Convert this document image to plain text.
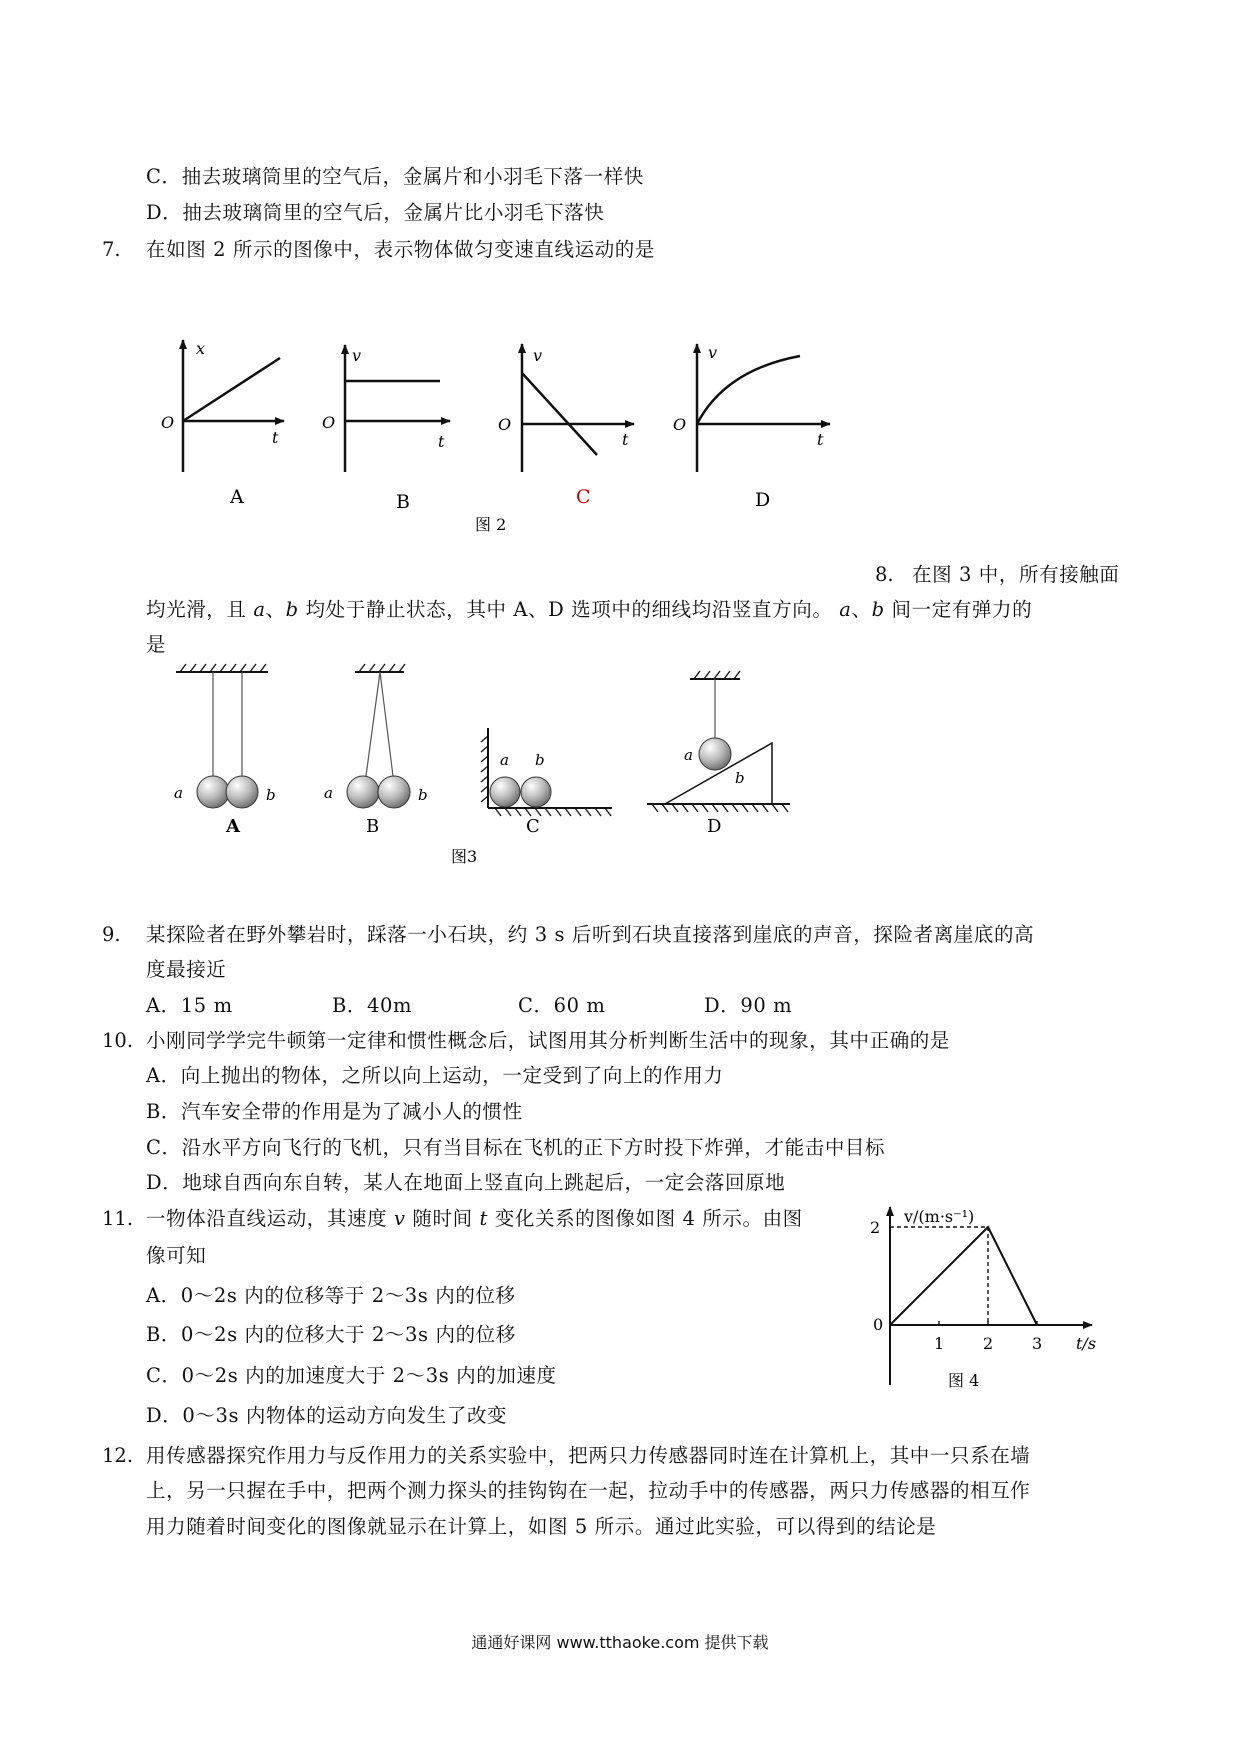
C．抽去玻璃筒里的空气后，金属片和小羽毛下落一样快
D．抽去玻璃筒里的空气后，金属片比小羽毛下落快
7. 在如图 2 所示的图像中，表示物体做匀变速直线运动的是
x
O
t
A
v
O
t
B
v
O
t
C
v
O
t
D
图 2
8. 在图 3 中，所有接触面
均光滑，且 a、b 均处于静止状态，其中 A、D 选项中的细线均沿竖直方向。 a、b 间一定有弹力的
是
a	b
A
a	b
B
a b
C
a
b
D
图3
9. 某探险者在野外攀岩时，踩落一小石块，约 3 s 后听到石块直接落到崖底的声音，探险者离崖底的高
度最接近
A．15 m	B．40m	C．60 m	D．90 m
10. 小刚同学学完牛顿第一定律和惯性概念后，试图用其分析判断生活中的现象，其中正确的是
A．向上抛出的物体，之所以向上运动，一定受到了向上的作用力
B．汽车安全带的作用是为了减小人的惯性
C．沿水平方向飞行的飞机，只有当目标在飞机的正下方时投下炸弹，才能击中目标
D．地球自西向东自转，某人在地面上竖直向上跳起后，一定会落回原地
11. 一物体沿直线运动，其速度 v 随时间 t 变化关系的图像如图 4 所示。由图
像可知
A．0～2s 内的位移等于 2～3s 内的位移
B．0～2s 内的位移大于 2～3s 内的位移
C．0～2s 内的加速度大于 2～3s 内的加速度
D．0～3s 内物体的运动方向发生了改变
1 2 3
2
v/(m·s⁻¹)
t/s
0
图 4
12. 用传感器探究作用力与反作用力的关系实验中，把两只力传感器同时连在计算机上，其中一只系在墙
上，另一只握在手中，把两个测力探头的挂钩钩在一起，拉动手中的传感器，两只力传感器的相互作
用力随着时间变化的图像就显示在计算上，如图 5 所示。通过此实验，可以得到的结论是
通通好课网 www.tthaoke.com 提供下载
